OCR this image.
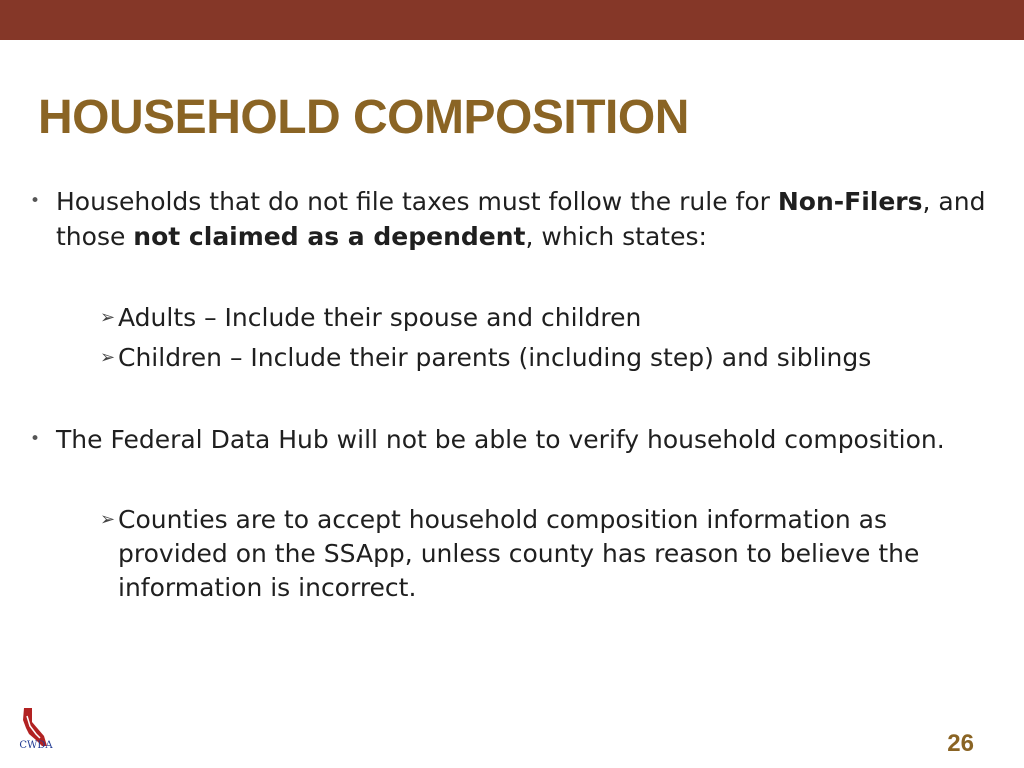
HOUSEHOLD COMPOSITION

• Households that do not file taxes must follow the rule for Non-Filers, and those not claimed as a dependent, which states:

➢ Adults – Include their spouse and children

➢ Children – Include their parents (including step) and siblings

• The Federal Data Hub will not be able to verify household composition.

➢ Counties are to accept household composition information as provided on the SSApp, unless county has reason to believe the information is incorrect.

CWDA	26
